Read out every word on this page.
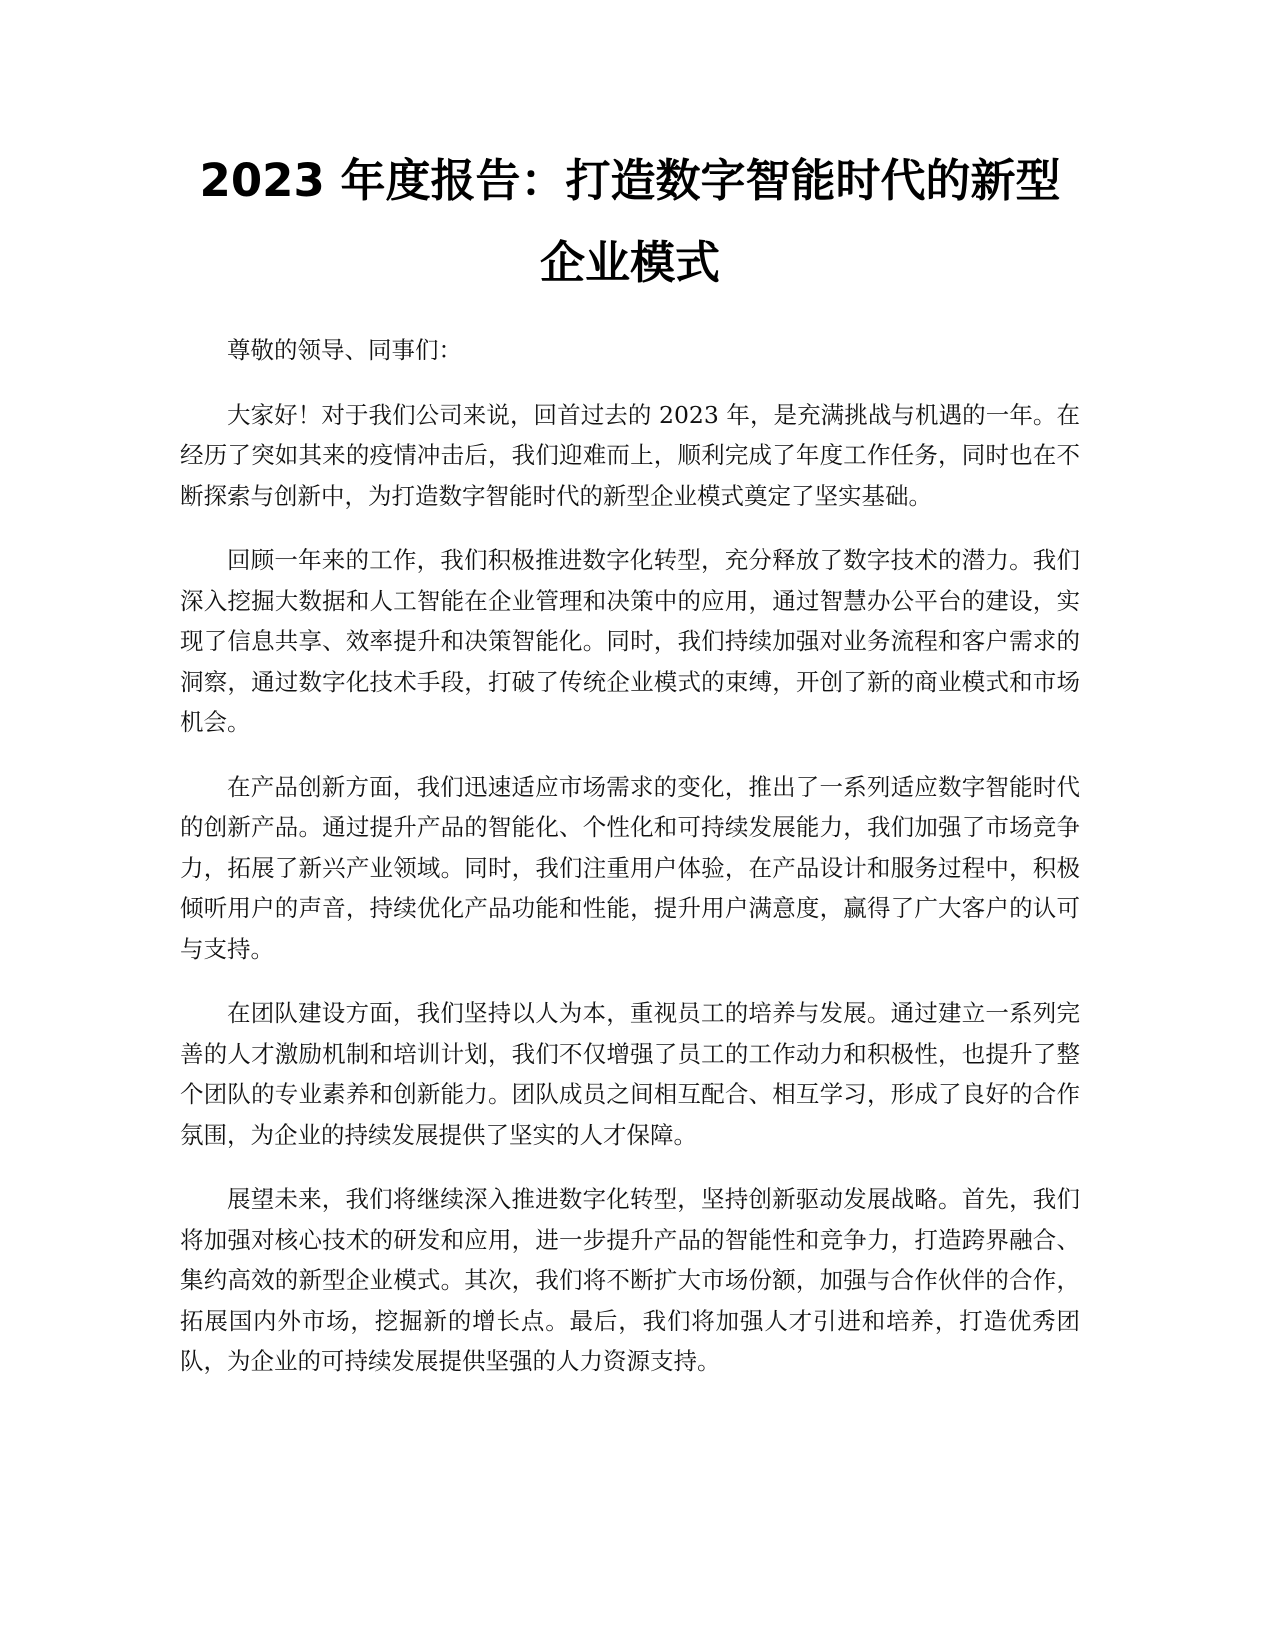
2023 年度报告：打造数字智能时代的新型企业模式

尊敬的领导、同事们：

大家好！对于我们公司来说，回首过去的 2023 年，是充满挑战与机遇的一年。在经历了突如其来的疫情冲击后，我们迎难而上，顺利完成了年度工作任务，同时也在不断探索与创新中，为打造数字智能时代的新型企业模式奠定了坚实基础。

回顾一年来的工作，我们积极推进数字化转型，充分释放了数字技术的潜力。我们深入挖掘大数据和人工智能在企业管理和决策中的应用，通过智慧办公平台的建设，实现了信息共享、效率提升和决策智能化。同时，我们持续加强对业务流程和客户需求的洞察，通过数字化技术手段，打破了传统企业模式的束缚，开创了新的商业模式和市场机会。

在产品创新方面，我们迅速适应市场需求的变化，推出了一系列适应数字智能时代的创新产品。通过提升产品的智能化、个性化和可持续发展能力，我们加强了市场竞争力，拓展了新兴产业领域。同时，我们注重用户体验，在产品设计和服务过程中，积极倾听用户的声音，持续优化产品功能和性能，提升用户满意度，赢得了广大客户的认可与支持。

在团队建设方面，我们坚持以人为本，重视员工的培养与发展。通过建立一系列完善的人才激励机制和培训计划，我们不仅增强了员工的工作动力和积极性，也提升了整个团队的专业素养和创新能力。团队成员之间相互配合、相互学习，形成了良好的合作氛围，为企业的持续发展提供了坚实的人才保障。

展望未来，我们将继续深入推进数字化转型，坚持创新驱动发展战略。首先，我们将加强对核心技术的研发和应用，进一步提升产品的智能性和竞争力，打造跨界融合、集约高效的新型企业模式。其次，我们将不断扩大市场份额，加强与合作伙伴的合作，拓展国内外市场，挖掘新的增长点。最后，我们将加强人才引进和培养，打造优秀团队，为企业的可持续发展提供坚强的人力资源支持。
